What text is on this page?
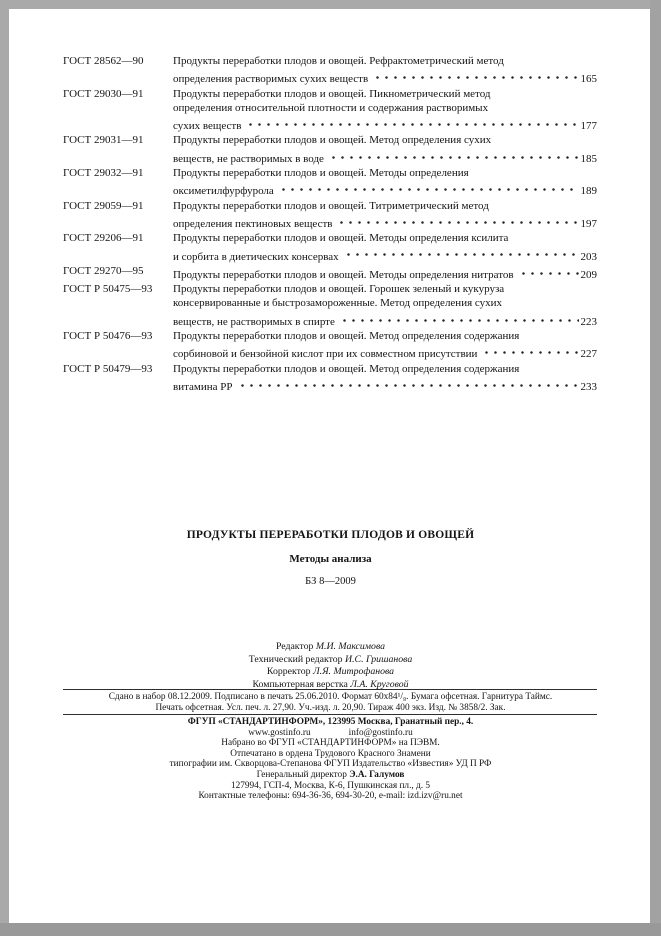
ГОСТ 28562—90	Продукты переработки плодов и овощей. Рефрактометрический метод
определения растворимых сухих веществ	165
ГОСТ 29030—91	Продукты переработки плодов и овощей. Пикнометрический метод
определения относительной плотности и содержания растворимых
сухих веществ	177
ГОСТ 29031—91	Продукты переработки плодов и овощей. Метод определения сухих
веществ, не растворимых в воде	185
ГОСТ 29032—91	Продукты переработки плодов и овощей. Методы определения
оксиметилфурфурола	189
ГОСТ 29059—91	Продукты переработки плодов и овощей. Титриметрический метод
определения пектиновых веществ	197
ГОСТ 29206—91	Продукты переработки плодов и овощей. Методы определения ксилита
и сорбита в диетических консервах	203
ГОСТ 29270—95	Продукты переработки плодов и овощей. Методы определения нитратов	209
ГОСТ Р 50475—93	Продукты переработки плодов и овощей. Горошек зеленый и кукуруза
консервированные и быстрозамороженные. Метод определения сухих
веществ, не растворимых в спирте	223
ГОСТ Р 50476—93	Продукты переработки плодов и овощей. Метод определения содержания
сорбиновой и бензойной кислот при их совместном присутствии	227
ГОСТ Р 50479—93	Продукты переработки плодов и овощей. Метод определения содержания
витамина РР	233
ПРОДУКТЫ ПЕРЕРАБОТКИ ПЛОДОВ И ОВОЩЕЙ
Методы анализа
БЗ 8—2009
Редактор М.И. Максимова
Технический редактор И.С. Гришанова
Корректор Л.Я. Митрофанова
Компьютерная верстка Л.А. Круговой
Сдано в набор 08.12.2009. Подписано в печать 25.06.2010. Формат 60х84¹/₈. Бумага офсетная. Гарнитура Таймс.
Печать офсетная. Усл. печ. л. 27,90. Уч.-изд. л. 20,90. Тираж 400 экз. Изд. № 3858/2. Зак.
ФГУП «СТАНДАРТИНФОРМ», 123995 Москва, Гранатный пер., 4.
www.gostinfo.ru	info@gostinfo.ru
Набрано во ФГУП «СТАНДАРТИНФОРМ» на ПЭВМ.
Отпечатано в ордена Трудового Красного Знамени
типографии им. Скворцова-Степанова ФГУП Издательство «Известия» УД П РФ
Генеральный директор Э.А. Галумов
127994, ГСП-4, Москва, К-6, Пушкинская пл., д. 5
Контактные телефоны: 694-36-36, 694-30-20, e-mail: izd.izv@ru.net
